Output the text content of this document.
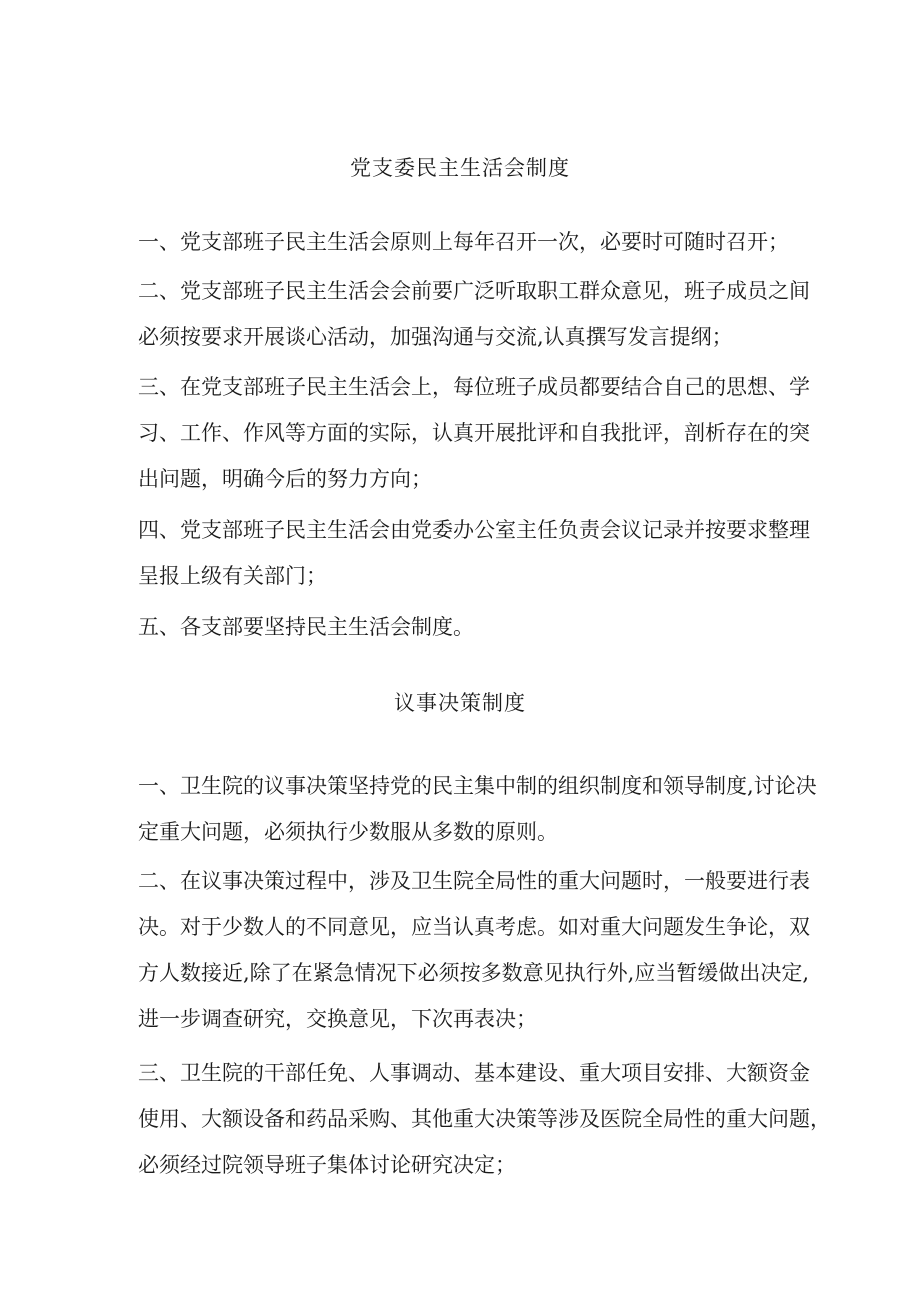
党支委民主生活会制度

一、党支部班子民主生活会原则上每年召开一次，必要时可随时召开；

二、党支部班子民主生活会会前要广泛听取职工群众意见，班子成员之间
必须按要求开展谈心活动，加强沟通与交流,认真撰写发言提纲；

三、在党支部班子民主生活会上，每位班子成员都要结合自己的思想、学
习、工作、作风等方面的实际，认真开展批评和自我批评，剖析存在的突
出问题，明确今后的努力方向；

四、党支部班子民主生活会由党委办公室主任负责会议记录并按要求整理
呈报上级有关部门；

五、各支部要坚持民主生活会制度。

议事决策制度

一、卫生院的议事决策坚持党的民主集中制的组织制度和领导制度,讨论决
定重大问题，必须执行少数服从多数的原则。

二、在议事决策过程中，涉及卫生院全局性的重大问题时，一般要进行表
决。对于少数人的不同意见，应当认真考虑。如对重大问题发生争论，双
方人数接近,除了在紧急情况下必须按多数意见执行外,应当暂缓做出决定,
进一步调查研究，交换意见，下次再表决；

三、卫生院的干部任免、人事调动、基本建设、重大项目安排、大额资金
使用、大额设备和药品采购、其他重大决策等涉及医院全局性的重大问题，
必须经过院领导班子集体讨论研究决定；
